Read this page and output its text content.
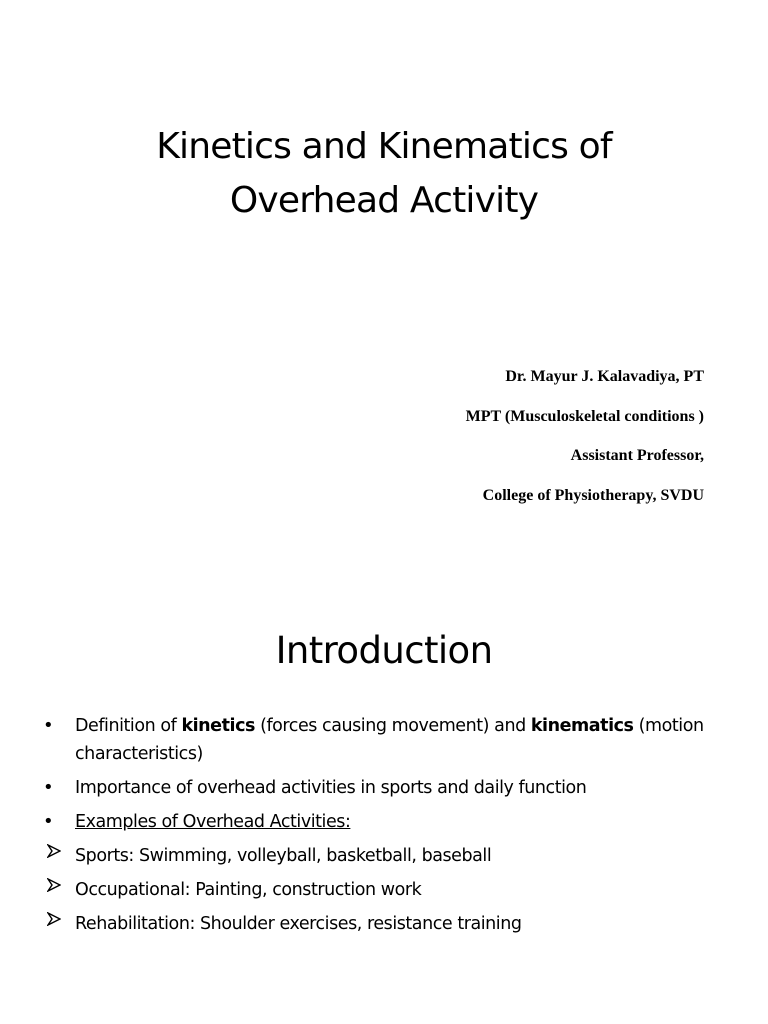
Kinetics and Kinematics of
Overhead Activity
Dr. Mayur J. Kalavadiya, PT
MPT (Musculoskeletal conditions )
Assistant Professor,
College of Physiotherapy, SVDU
Introduction
• Definition of kinetics (forces causing movement) and kinematics (motion characteristics)
• Importance of overhead activities in sports and daily function
• Examples of Overhead Activities:
Sports: Swimming, volleyball, basketball, baseball
Occupational: Painting, construction work
Rehabilitation: Shoulder exercises, resistance training
